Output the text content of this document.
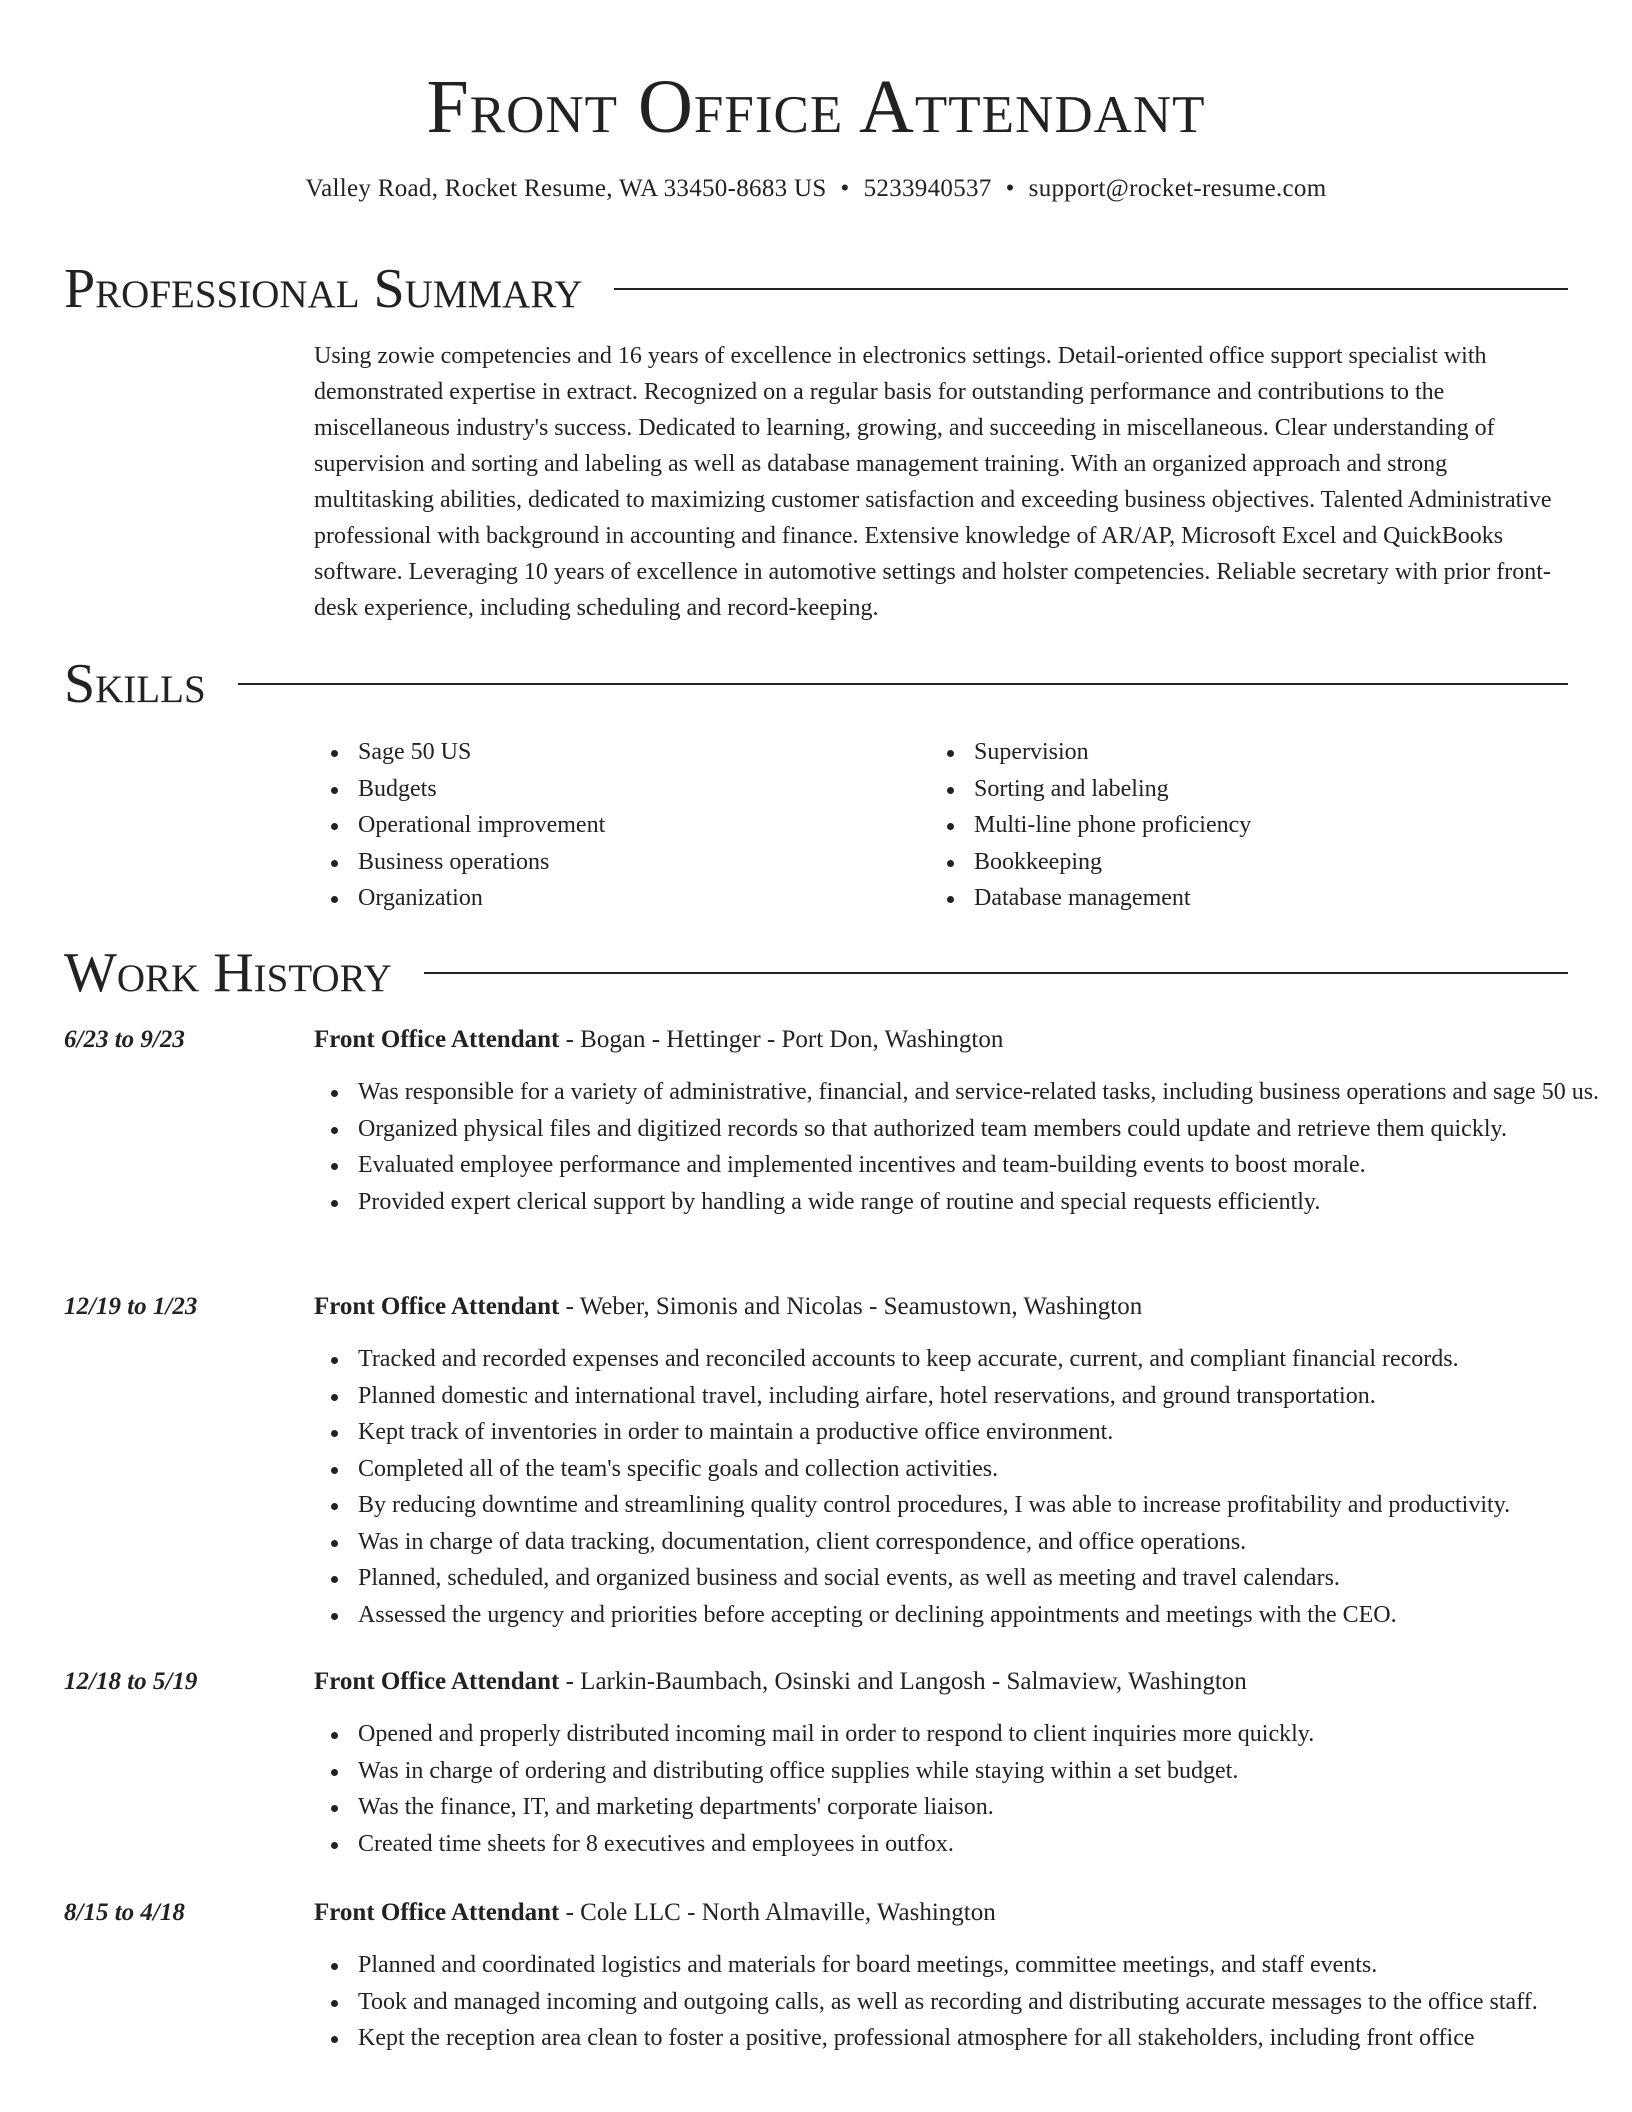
Front Office Attendant
Valley Road, Rocket Resume, WA 33450-8683 US • 5233940537 • support@rocket-resume.com
Professional Summary

Using zowie competencies and 16 years of excellence in electronics settings. Detail-oriented office support specialist with demonstrated expertise in extract. Recognized on a regular basis for outstanding performance and contributions to the miscellaneous industry's success. Dedicated to learning, growing, and succeeding in miscellaneous. Clear understanding of supervision and sorting and labeling as well as database management training. With an organized approach and strong multitasking abilities, dedicated to maximizing customer satisfaction and exceeding business objectives. Talented Administrative professional with background in accounting and finance. Extensive knowledge of AR/AP, Microsoft Excel and QuickBooks software. Leveraging 10 years of excellence in automotive settings and holster competencies. Reliable secretary with prior front-desk experience, including scheduling and record-keeping.

Skills
Sage 50 US
Budgets
Operational improvement
Business operations
Organization
Supervision
Sorting and labeling
Multi-line phone proficiency
Bookkeeping
Database management
Work History
6/23 to 9/23	Front Office Attendant - Bogan - Hettinger - Port Don, Washington
Was responsible for a variety of administrative, financial, and service-related tasks, including business operations and sage 50 us.
Organized physical files and digitized records so that authorized team members could update and retrieve them quickly.
Evaluated employee performance and implemented incentives and team-building events to boost morale.
Provided expert clerical support by handling a wide range of routine and special requests efficiently.
12/19 to 1/23	Front Office Attendant - Weber, Simonis and Nicolas - Seamustown, Washington
Tracked and recorded expenses and reconciled accounts to keep accurate, current, and compliant financial records.
Planned domestic and international travel, including airfare, hotel reservations, and ground transportation.
Kept track of inventories in order to maintain a productive office environment.
Completed all of the team's specific goals and collection activities.
By reducing downtime and streamlining quality control procedures, I was able to increase profitability and productivity.
Was in charge of data tracking, documentation, client correspondence, and office operations.
Planned, scheduled, and organized business and social events, as well as meeting and travel calendars.
Assessed the urgency and priorities before accepting or declining appointments and meetings with the CEO.
12/18 to 5/19	Front Office Attendant - Larkin-Baumbach, Osinski and Langosh - Salmaview, Washington
Opened and properly distributed incoming mail in order to respond to client inquiries more quickly.
Was in charge of ordering and distributing office supplies while staying within a set budget.
Was the finance, IT, and marketing departments' corporate liaison.
Created time sheets for 8 executives and employees in outfox.
8/15 to 4/18	Front Office Attendant - Cole LLC - North Almaville, Washington
Planned and coordinated logistics and materials for board meetings, committee meetings, and staff events.
Took and managed incoming and outgoing calls, as well as recording and distributing accurate messages to the office staff.
Kept the reception area clean to foster a positive, professional atmosphere for all stakeholders, including front office
